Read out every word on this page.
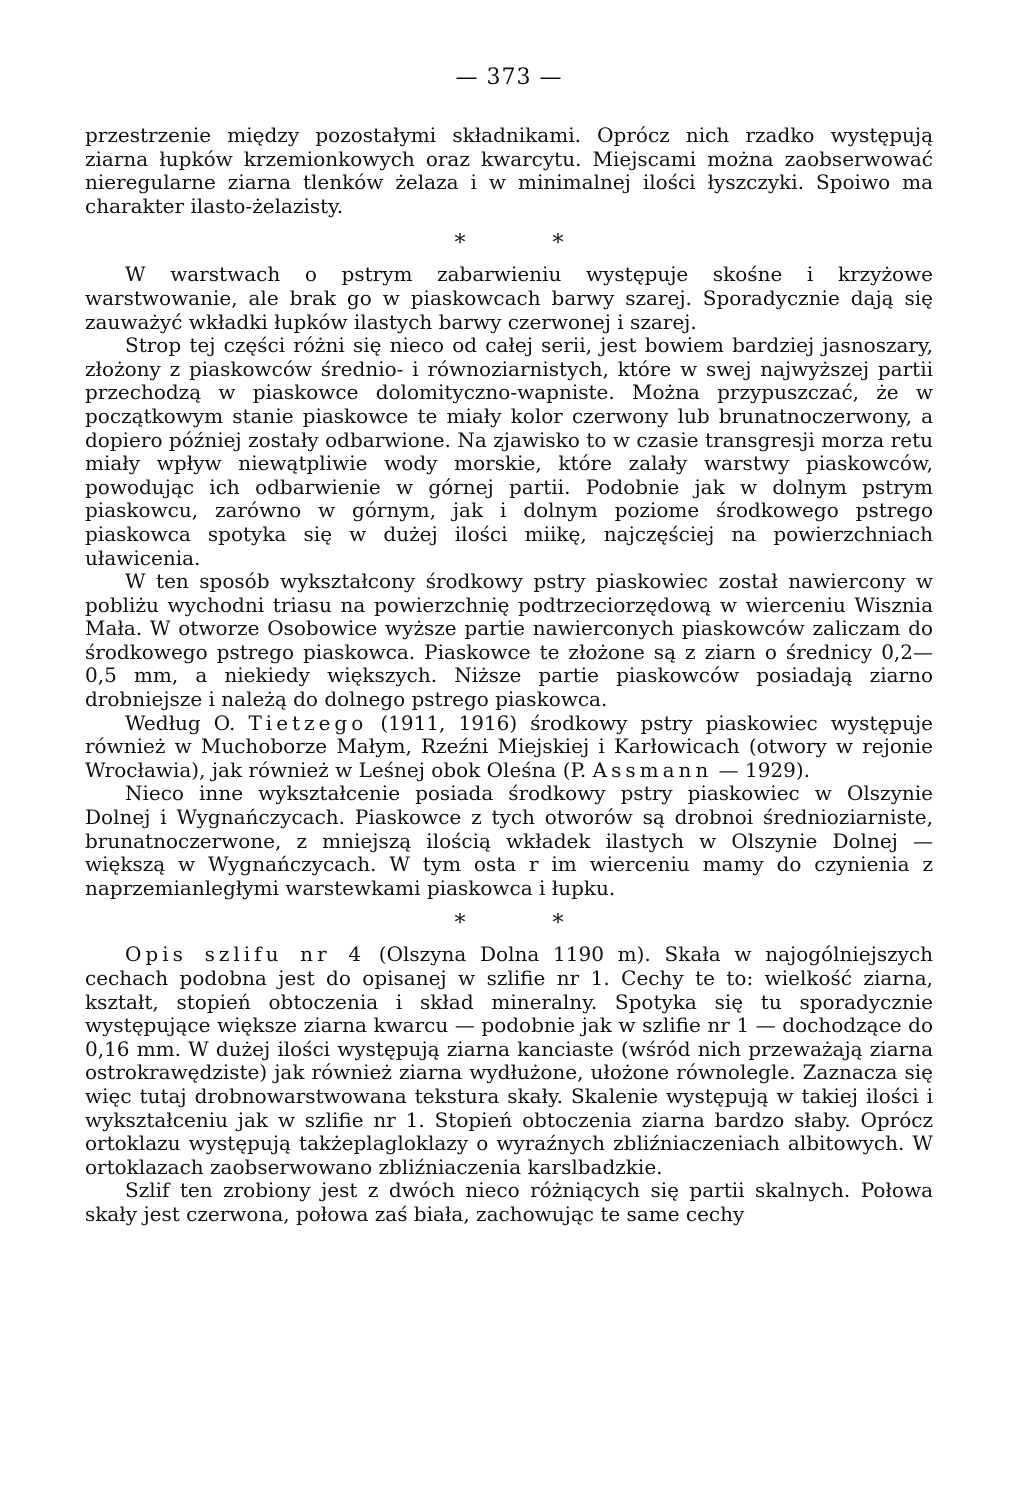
— 373 —

przestrzenie między pozostałymi składnikami. Oprócz nich rzadko występują ziarna łupków krzemionkowych oraz kwarcytu. Miejscami można zaobserwować nieregularne ziarna tlenków żelaza i w minimalnej ilości łyszczyki. Spoiwo ma charakter ilasto-żelazisty.

* *

W warstwach o pstrym zabarwieniu występuje skośne i krzyżowe warstwowanie, ale brak go w piaskowcach barwy szarej. Sporadycznie dają się zauważyć wkładki łupków ilastych barwy czerwonej i szarej.

Strop tej części różni się nieco od całej serii, jest bowiem bardziej jasnoszary, złożony z piaskowców średnio- i równoziarnistych, które w swej najwyższej partii przechodzą w piaskowce dolomityczno-wapniste. Można przypuszczać, że w początkowym stanie piaskowce te miały kolor czerwony lub brunatnoczerwony, a dopiero później zostały odbarwione. Na zjawisko to w czasie transgresji morza retu miały wpływ niewątpliwie wody morskie, które zalały warstwy piaskowców, powodując ich odbarwienie w górnej partii. Podobnie jak w dolnym pstrym piaskowcu, zarówno w górnym, jak i dolnym poziome środkowego pstrego piaskowca spotyka się w dużej ilości miikę, najczęściej na powierzchniach uławicenia.

W ten sposób wykształcony środkowy pstry piaskowiec został nawiercony w pobliżu wychodni triasu na powierzchnię podtrzeciorzędową w wierceniu Wisznia Mała. W otworze Osobowice wyższe partie nawierconych piaskowców zaliczam do środkowego pstrego piaskowca. Piaskowce te złożone są z ziarn o średnicy 0,2—0,5 mm, a niekiedy większych. Niższe partie piaskowców posiadają ziarno drobniejsze i należą do dolnego pstrego piaskowca.

Według O. Tietzego (1911, 1916) środkowy pstry piaskowiec występuje również w Muchoborze Małym, Rzeźni Miejskiej i Karłowicach (otwory w rejonie Wrocławia), jak również w Leśnej obok Oleśna (P. Assmann — 1929).

Nieco inne wykształcenie posiada środkowy pstry piaskowiec w Olszynie Dolnej i Wygnańczycach. Piaskowce z tych otworów są drobnoi średnioziarniste, brunatnoczerwone, z mniejszą ilością wkładek ilastych w Olszynie Dolnej — większą w Wygnańczycach. W tym osta r im wierceniu mamy do czynienia z naprzemianległymi warstewkami piaskowca i łupku.

* *

Opis szlifu nr 4 (Olszyna Dolna 1190 m). Skała w najogólniejszych cechach podobna jest do opisanej w szlifie nr 1. Cechy te to: wielkość ziarna, kształt, stopień obtoczenia i skład mineralny. Spotyka się tu sporadycznie występujące większe ziarna kwarcu — podobnie jak w szlifie nr 1 — dochodzące do 0,16 mm. W dużej ilości występują ziarna kanciaste (wśród nich przeważają ziarna ostrokrawędziste) jak również ziarna wydłużone, ułożone równolegle. Zaznacza się więc tutaj drobnowarstwowana tekstura skały. Skalenie występują w takiej ilości i wykształceniu jak w szlifie nr 1. Stopień obtoczenia ziarna bardzo słaby. Oprócz ortoklazu występują takżeplagloklazy o wyraźnych zbliźniaczeniach albitowych. W ortoklazach zaobserwowano zbliźniaczenia karslbadzkie.

Szlif ten zrobiony jest z dwóch nieco różniących się partii skalnych. Połowa skały jest czerwona, połowa zaś biała, zachowując te same cechy
